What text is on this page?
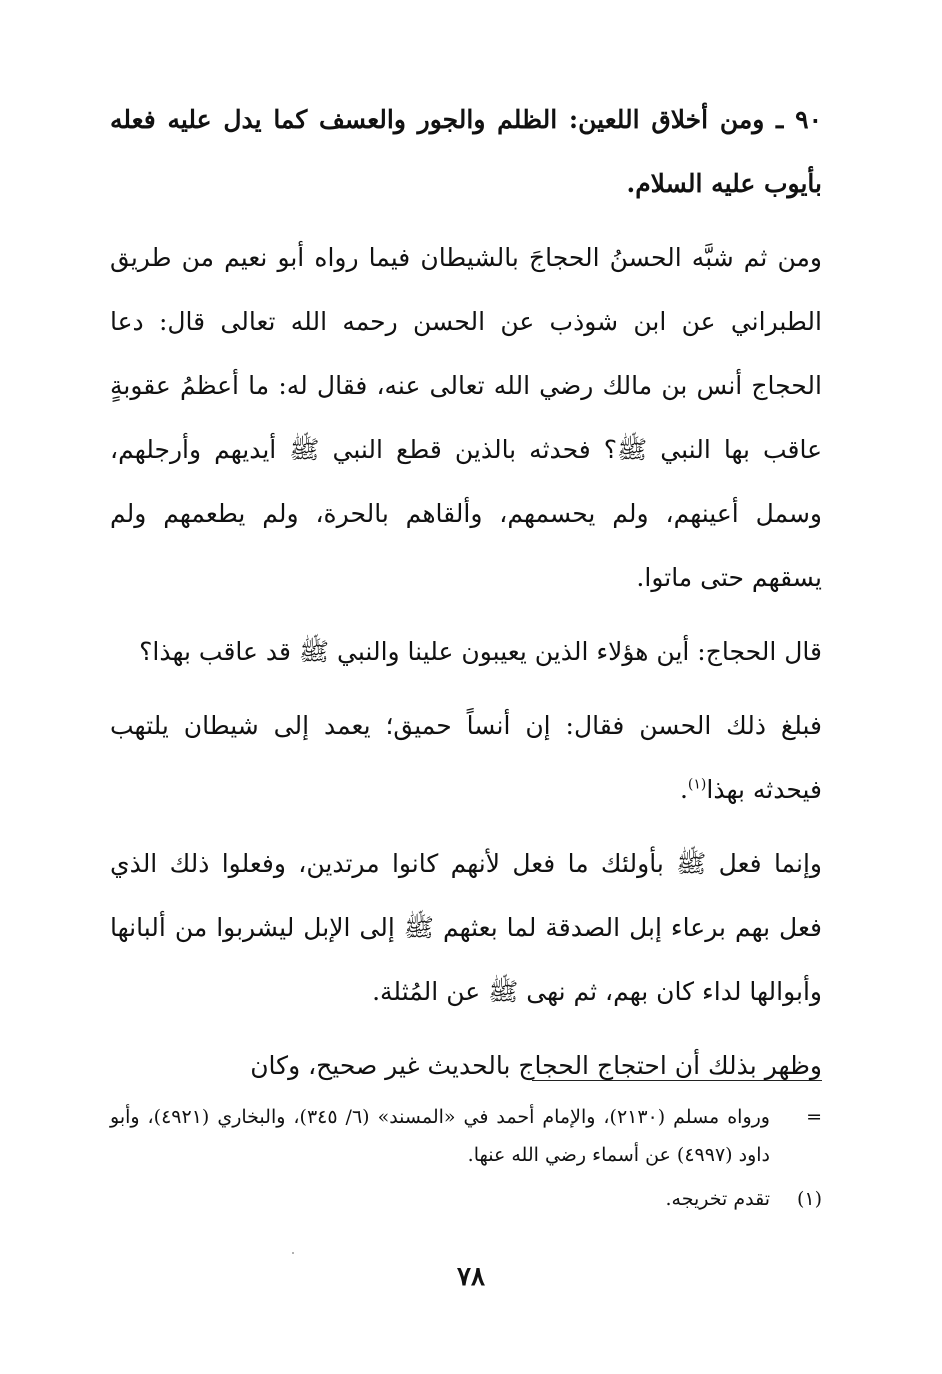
٩٠ ـ ومن أخلاق اللعين: الظلم والجور والعسف كما يدل عليه فعله بأيوب عليه السلام.

ومن ثم شبَّه الحسنُ الحجاجَ بالشيطان فيما رواه أبو نعيم من طريق الطبراني عن ابن شوذب عن الحسن رحمه الله تعالى قال: دعا الحجاج أنس بن مالك رضي الله تعالى عنه، فقال له: ما أعظمُ عقوبةٍ عاقب بها النبي ﷺ؟ فحدثه بالذين قطع النبي ﷺ أيديهم وأرجلهم، وسمل أعينهم، ولم يحسمهم، وألقاهم بالحرة، ولم يطعمهم ولم يسقهم حتى ماتوا.

قال الحجاج: أين هؤلاء الذين يعيبون علينا والنبي ﷺ قد عاقب بهذا؟

فبلغ ذلك الحسن فقال: إن أنساً حميق؛ يعمد إلى شيطان يلتهب فيحدثه بهذا$^{(١)}$.

وإنما فعل ﷺ بأولئك ما فعل لأنهم كانوا مرتدين، وفعلوا ذلك الذي فعل بهم برعاء إبل الصدقة لما بعثهم ﷺ إلى الإبل ليشربوا من ألبانها وأبوالها لداء كان بهم، ثم نهى ﷺ عن المُثلة.

وظهر بذلك أن احتجاج الحجاج بالحديث غير صحيح، وكان

=
ورواه مسلم (٢١٣٠)، والإمام أحمد في «المسند» (٦/ ٣٤٥)، والبخاري (٤٩٢١)، وأبو داود (٤٩٩٧) عن أسماء رضي الله عنها.
(١)
تقدم تخريجه.
٧٨
